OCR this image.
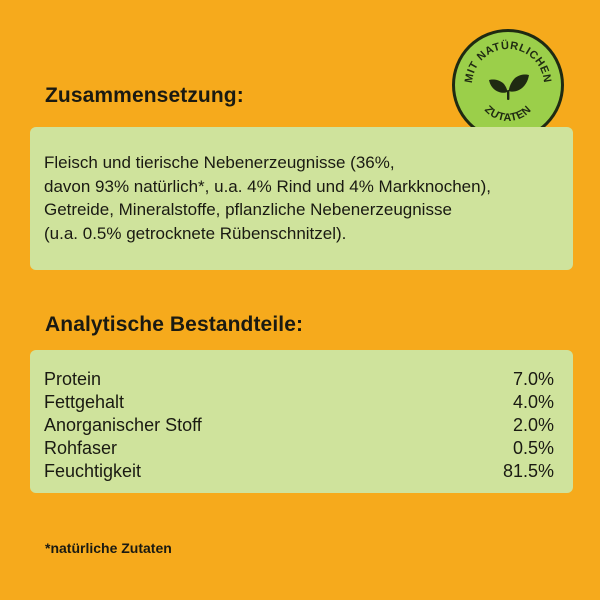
MIT NATÜRLICHEN
ZUTATEN
Zusammensetzung:
Fleisch und tierische Nebenerzeugnisse (36%,
davon 93% natürlich*, u.a. 4% Rind und 4% Markknochen),
Getreide, Mineralstoffe, pflanzliche Nebenerzeugnisse
(u.a. 0.5% getrocknete Rübenschnitzel).
Analytische Bestandteile:
Protein	7.0%
Fettgehalt	4.0%
Anorganischer Stoff	2.0%
Rohfaser	0.5%
Feuchtigkeit	81.5%
*natürliche Zutaten
